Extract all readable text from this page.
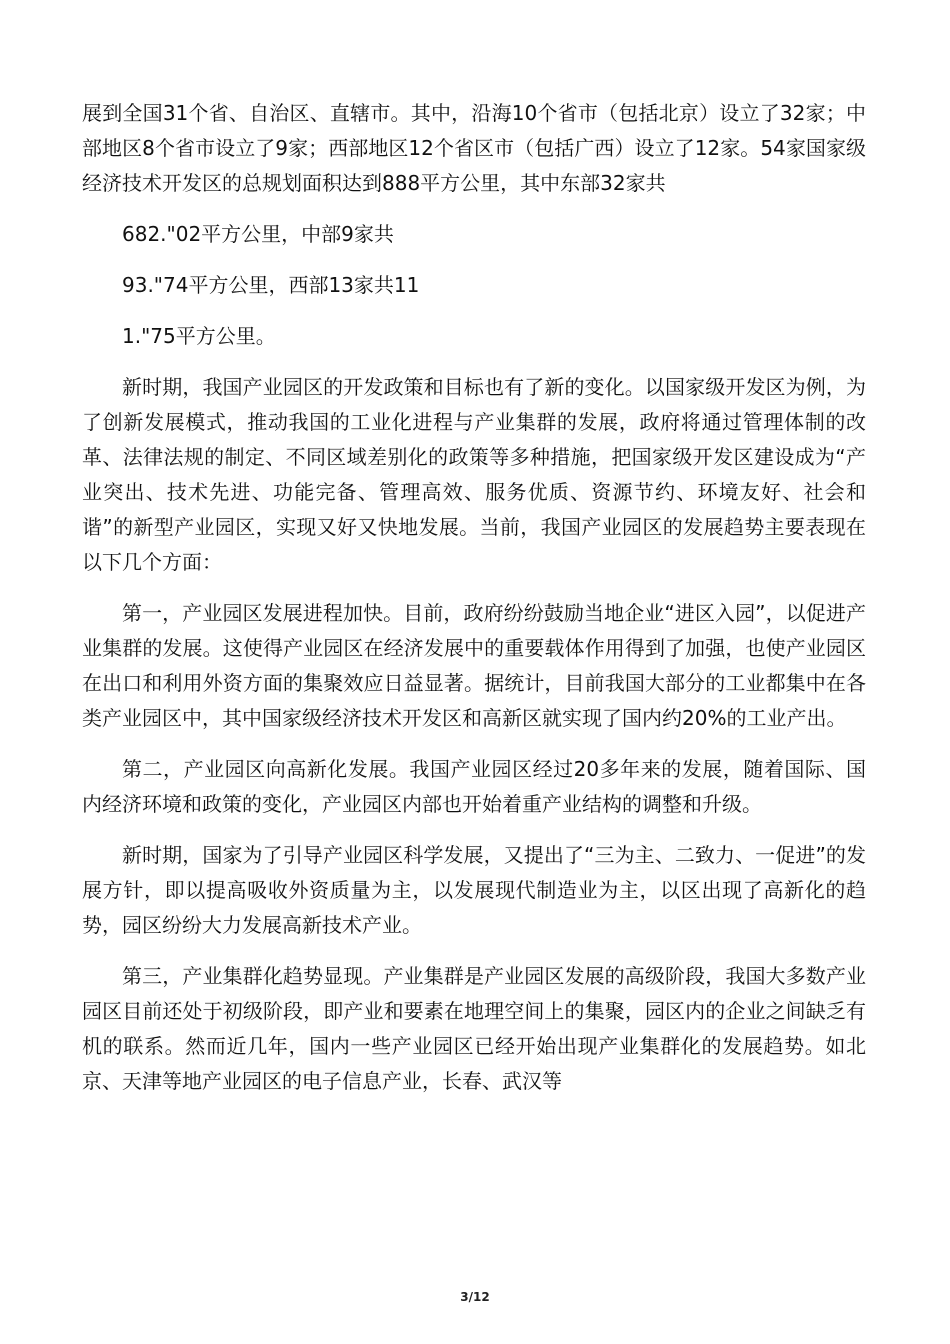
展到全国31个省、自治区、直辖市。其中，沿海10个省市（包括北京）设立了32家；中部地区8个省市设立了9家；西部地区12个省区市（包括广西）设立了12家。54家国家级经济技术开发区的总规划面积达到888平方公里，其中东部32家共

682."02平方公里，中部9家共

93."74平方公里，西部13家共11

1."75平方公里。

新时期，我国产业园区的开发政策和目标也有了新的变化。以国家级开发区为例，为了创新发展模式，推动我国的工业化进程与产业集群的发展，政府将通过管理体制的改革、法律法规的制定、不同区域差别化的政策等多种措施，把国家级开发区建设成为“产业突出、技术先进、功能完备、管理高效、服务优质、资源节约、环境友好、社会和谐”的新型产业园区，实现又好又快地发展。当前，我国产业园区的发展趋势主要表现在以下几个方面：

第一，产业园区发展进程加快。目前，政府纷纷鼓励当地企业“进区入园”，以促进产业集群的发展。这使得产业园区在经济发展中的重要载体作用得到了加强，也使产业园区在出口和利用外资方面的集聚效应日益显著。据统计，目前我国大部分的工业都集中在各类产业园区中，其中国家级经济技术开发区和高新区就实现了国内约20%的工业产出。

第二，产业园区向高新化发展。我国产业园区经过20多年来的发展，随着国际、国内经济环境和政策的变化，产业园区内部也开始着重产业结构的调整和升级。

新时期，国家为了引导产业园区科学发展，又提出了“三为主、二致力、一促进”的发展方针，即以提高吸收外资质量为主，以发展现代制造业为主，以区出现了高新化的趋势，园区纷纷大力发展高新技术产业。

第三，产业集群化趋势显现。产业集群是产业园区发展的高级阶段，我国大多数产业园区目前还处于初级阶段，即产业和要素在地理空间上的集聚，园区内的企业之间缺乏有机的联系。然而近几年，国内一些产业园区已经开始出现产业集群化的发展趋势。如北京、天津等地产业园区的电子信息产业，长春、武汉等

3/12
